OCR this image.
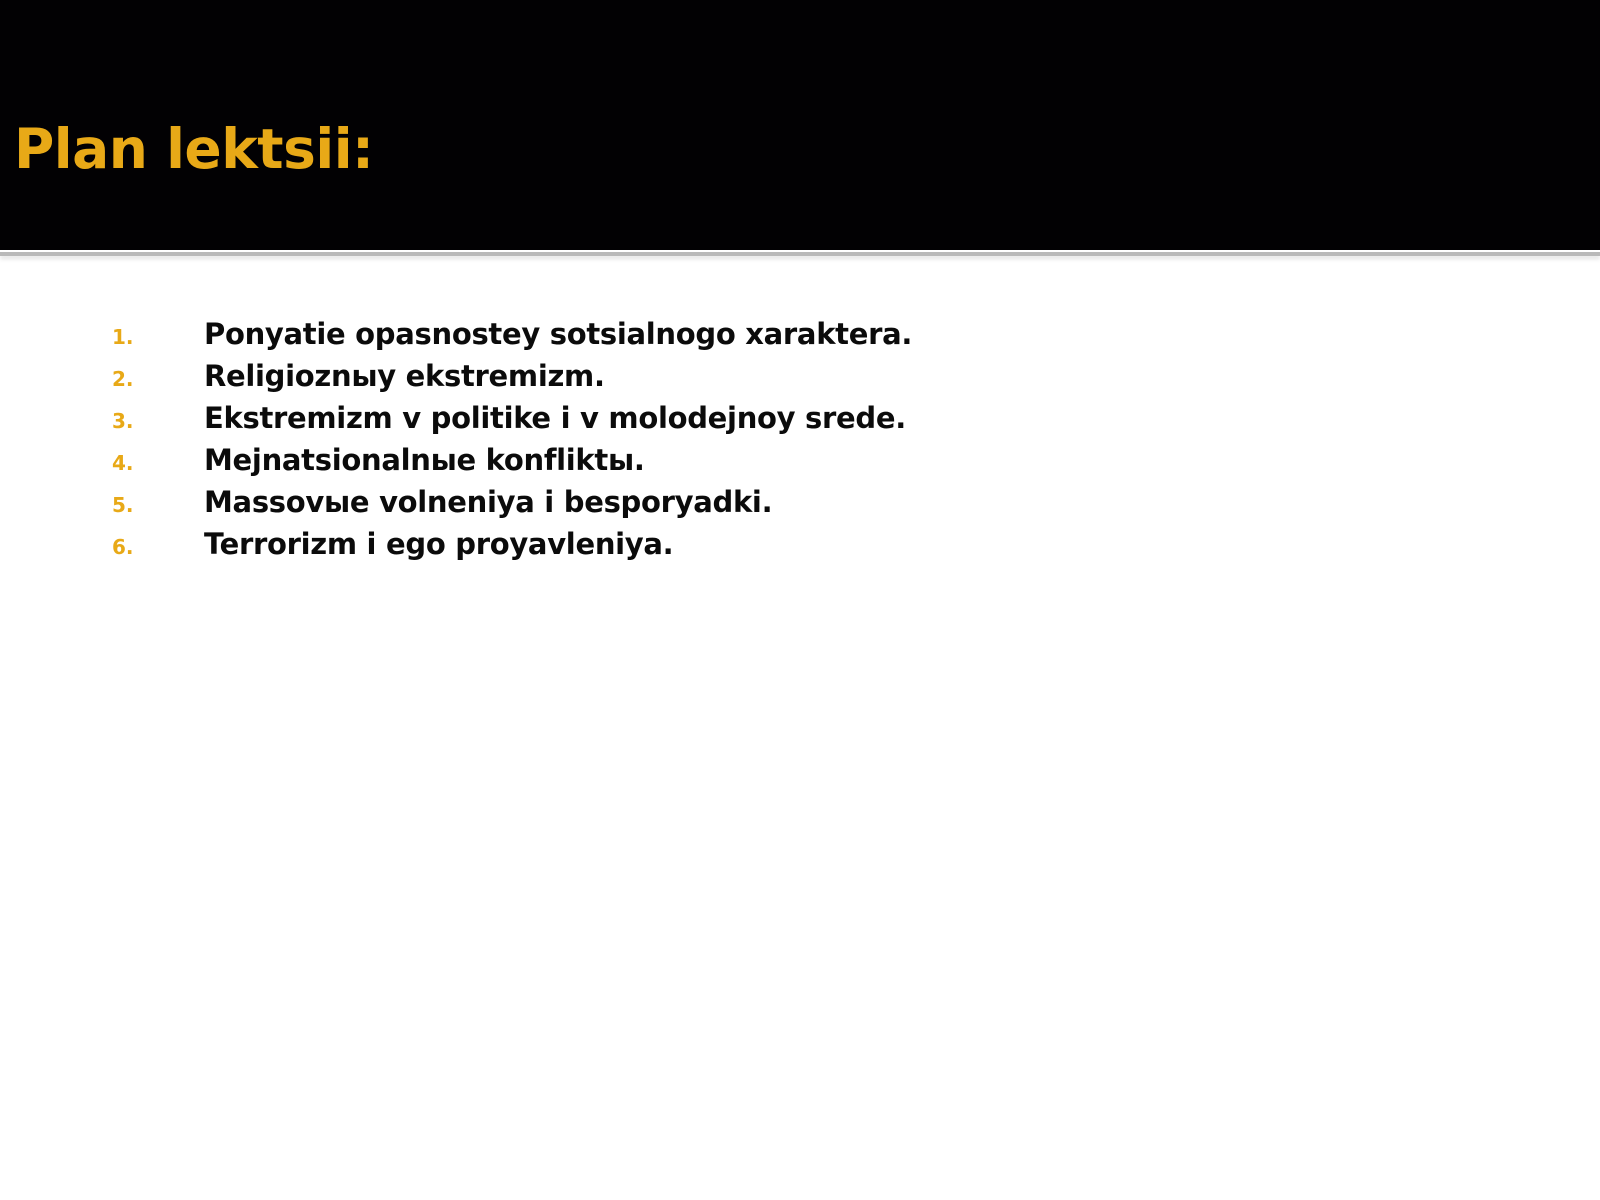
Plan lektsii:
1.	Ponyatie opasnostey sotsialnogo xaraktera.
2.	Religioznыy ekstremizm.
3.	Ekstremizm v politike i v molodejnoy srede.
4.	Mejnatsionalnыe konfliktы.
5.	Massovыe volneniya i besporyadki.
6.	Terrorizm i ego proyavleniya.
